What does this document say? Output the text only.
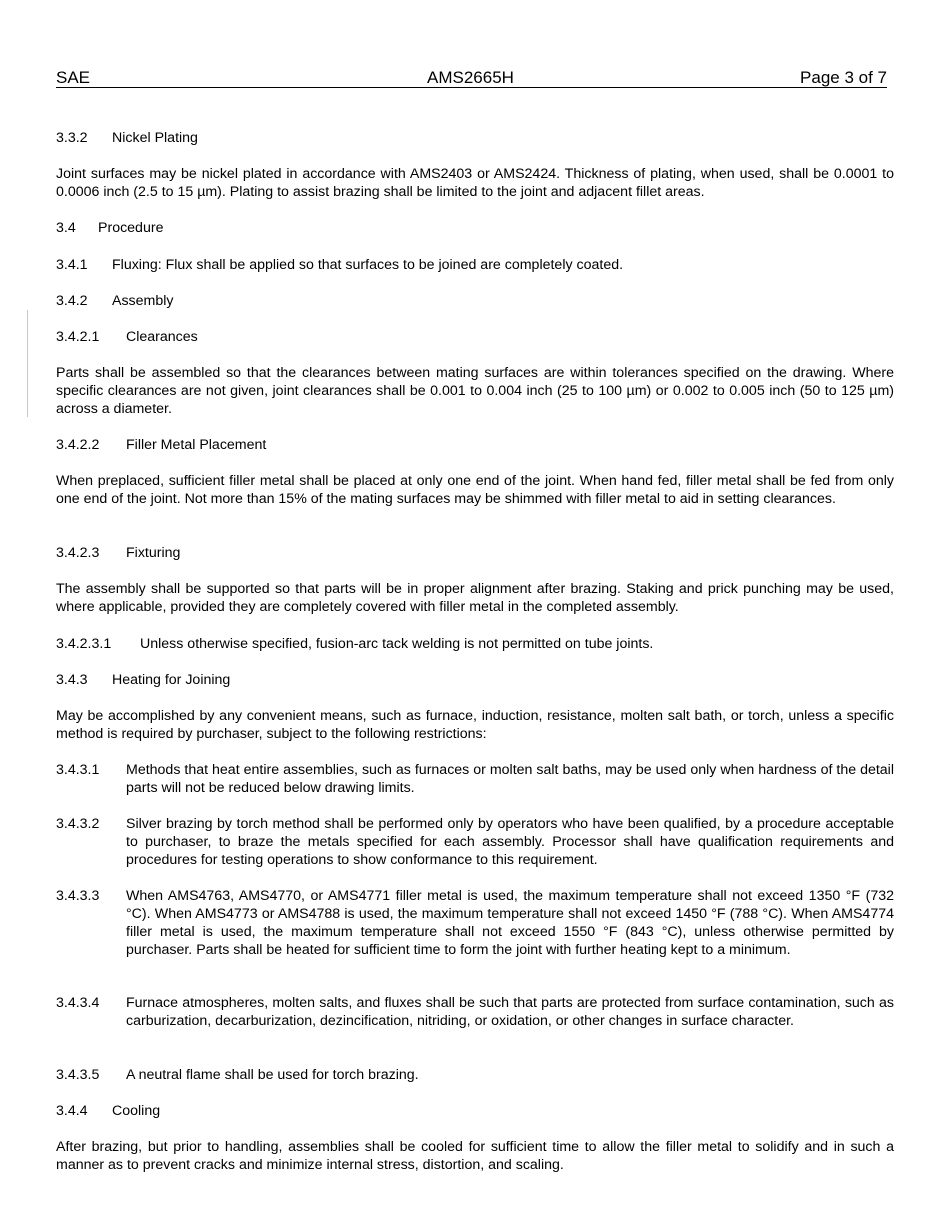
SAE	AMS2665H	Page 3 of 7
3.3.2 Nickel Plating
Joint surfaces may be nickel plated in accordance with AMS2403 or AMS2424. Thickness of plating, when used, shall be 0.0001 to 0.0006 inch (2.5 to 15 µm). Plating to assist brazing shall be limited to the joint and adjacent fillet areas.
3.4 Procedure
3.4.1 Fluxing: Flux shall be applied so that surfaces to be joined are completely coated.
3.4.2 Assembly
3.4.2.1 Clearances
Parts shall be assembled so that the clearances between mating surfaces are within tolerances specified on the drawing. Where specific clearances are not given, joint clearances shall be 0.001 to 0.004 inch (25 to 100 µm) or 0.002 to 0.005 inch (50 to 125 µm) across a diameter.
3.4.2.2 Filler Metal Placement
When preplaced, sufficient filler metal shall be placed at only one end of the joint. When hand fed, filler metal shall be fed from only one end of the joint. Not more than 15% of the mating surfaces may be shimmed with filler metal to aid in setting clearances.
3.4.2.3 Fixturing
The assembly shall be supported so that parts will be in proper alignment after brazing. Staking and prick punching may be used, where applicable, provided they are completely covered with filler metal in the completed assembly.
3.4.2.3.1 Unless otherwise specified, fusion-arc tack welding is not permitted on tube joints.
3.4.3 Heating for Joining
May be accomplished by any convenient means, such as furnace, induction, resistance, molten salt bath, or torch, unless a specific method is required by purchaser, subject to the following restrictions:
3.4.3.1	Methods that heat entire assemblies, such as furnaces or molten salt baths, may be used only when hardness of the detail parts will not be reduced below drawing limits.
3.4.3.2	Silver brazing by torch method shall be performed only by operators who have been qualified, by a procedure acceptable to purchaser, to braze the metals specified for each assembly. Processor shall have qualification requirements and procedures for testing operations to show conformance to this requirement.
3.4.3.3	When AMS4763, AMS4770, or AMS4771 filler metal is used, the maximum temperature shall not exceed 1350 °F (732 °C). When AMS4773 or AMS4788 is used, the maximum temperature shall not exceed 1450 °F (788 °C). When AMS4774 filler metal is used, the maximum temperature shall not exceed 1550 °F (843 °C), unless otherwise permitted by purchaser. Parts shall be heated for sufficient time to form the joint with further heating kept to a minimum.
3.4.3.4	Furnace atmospheres, molten salts, and fluxes shall be such that parts are protected from surface contamination, such as carburization, decarburization, dezincification, nitriding, or oxidation, or other changes in surface character.
3.4.3.5	A neutral flame shall be used for torch brazing.
3.4.4 Cooling
After brazing, but prior to handling, assemblies shall be cooled for sufficient time to allow the filler metal to solidify and in such a manner as to prevent cracks and minimize internal stress, distortion, and scaling.
